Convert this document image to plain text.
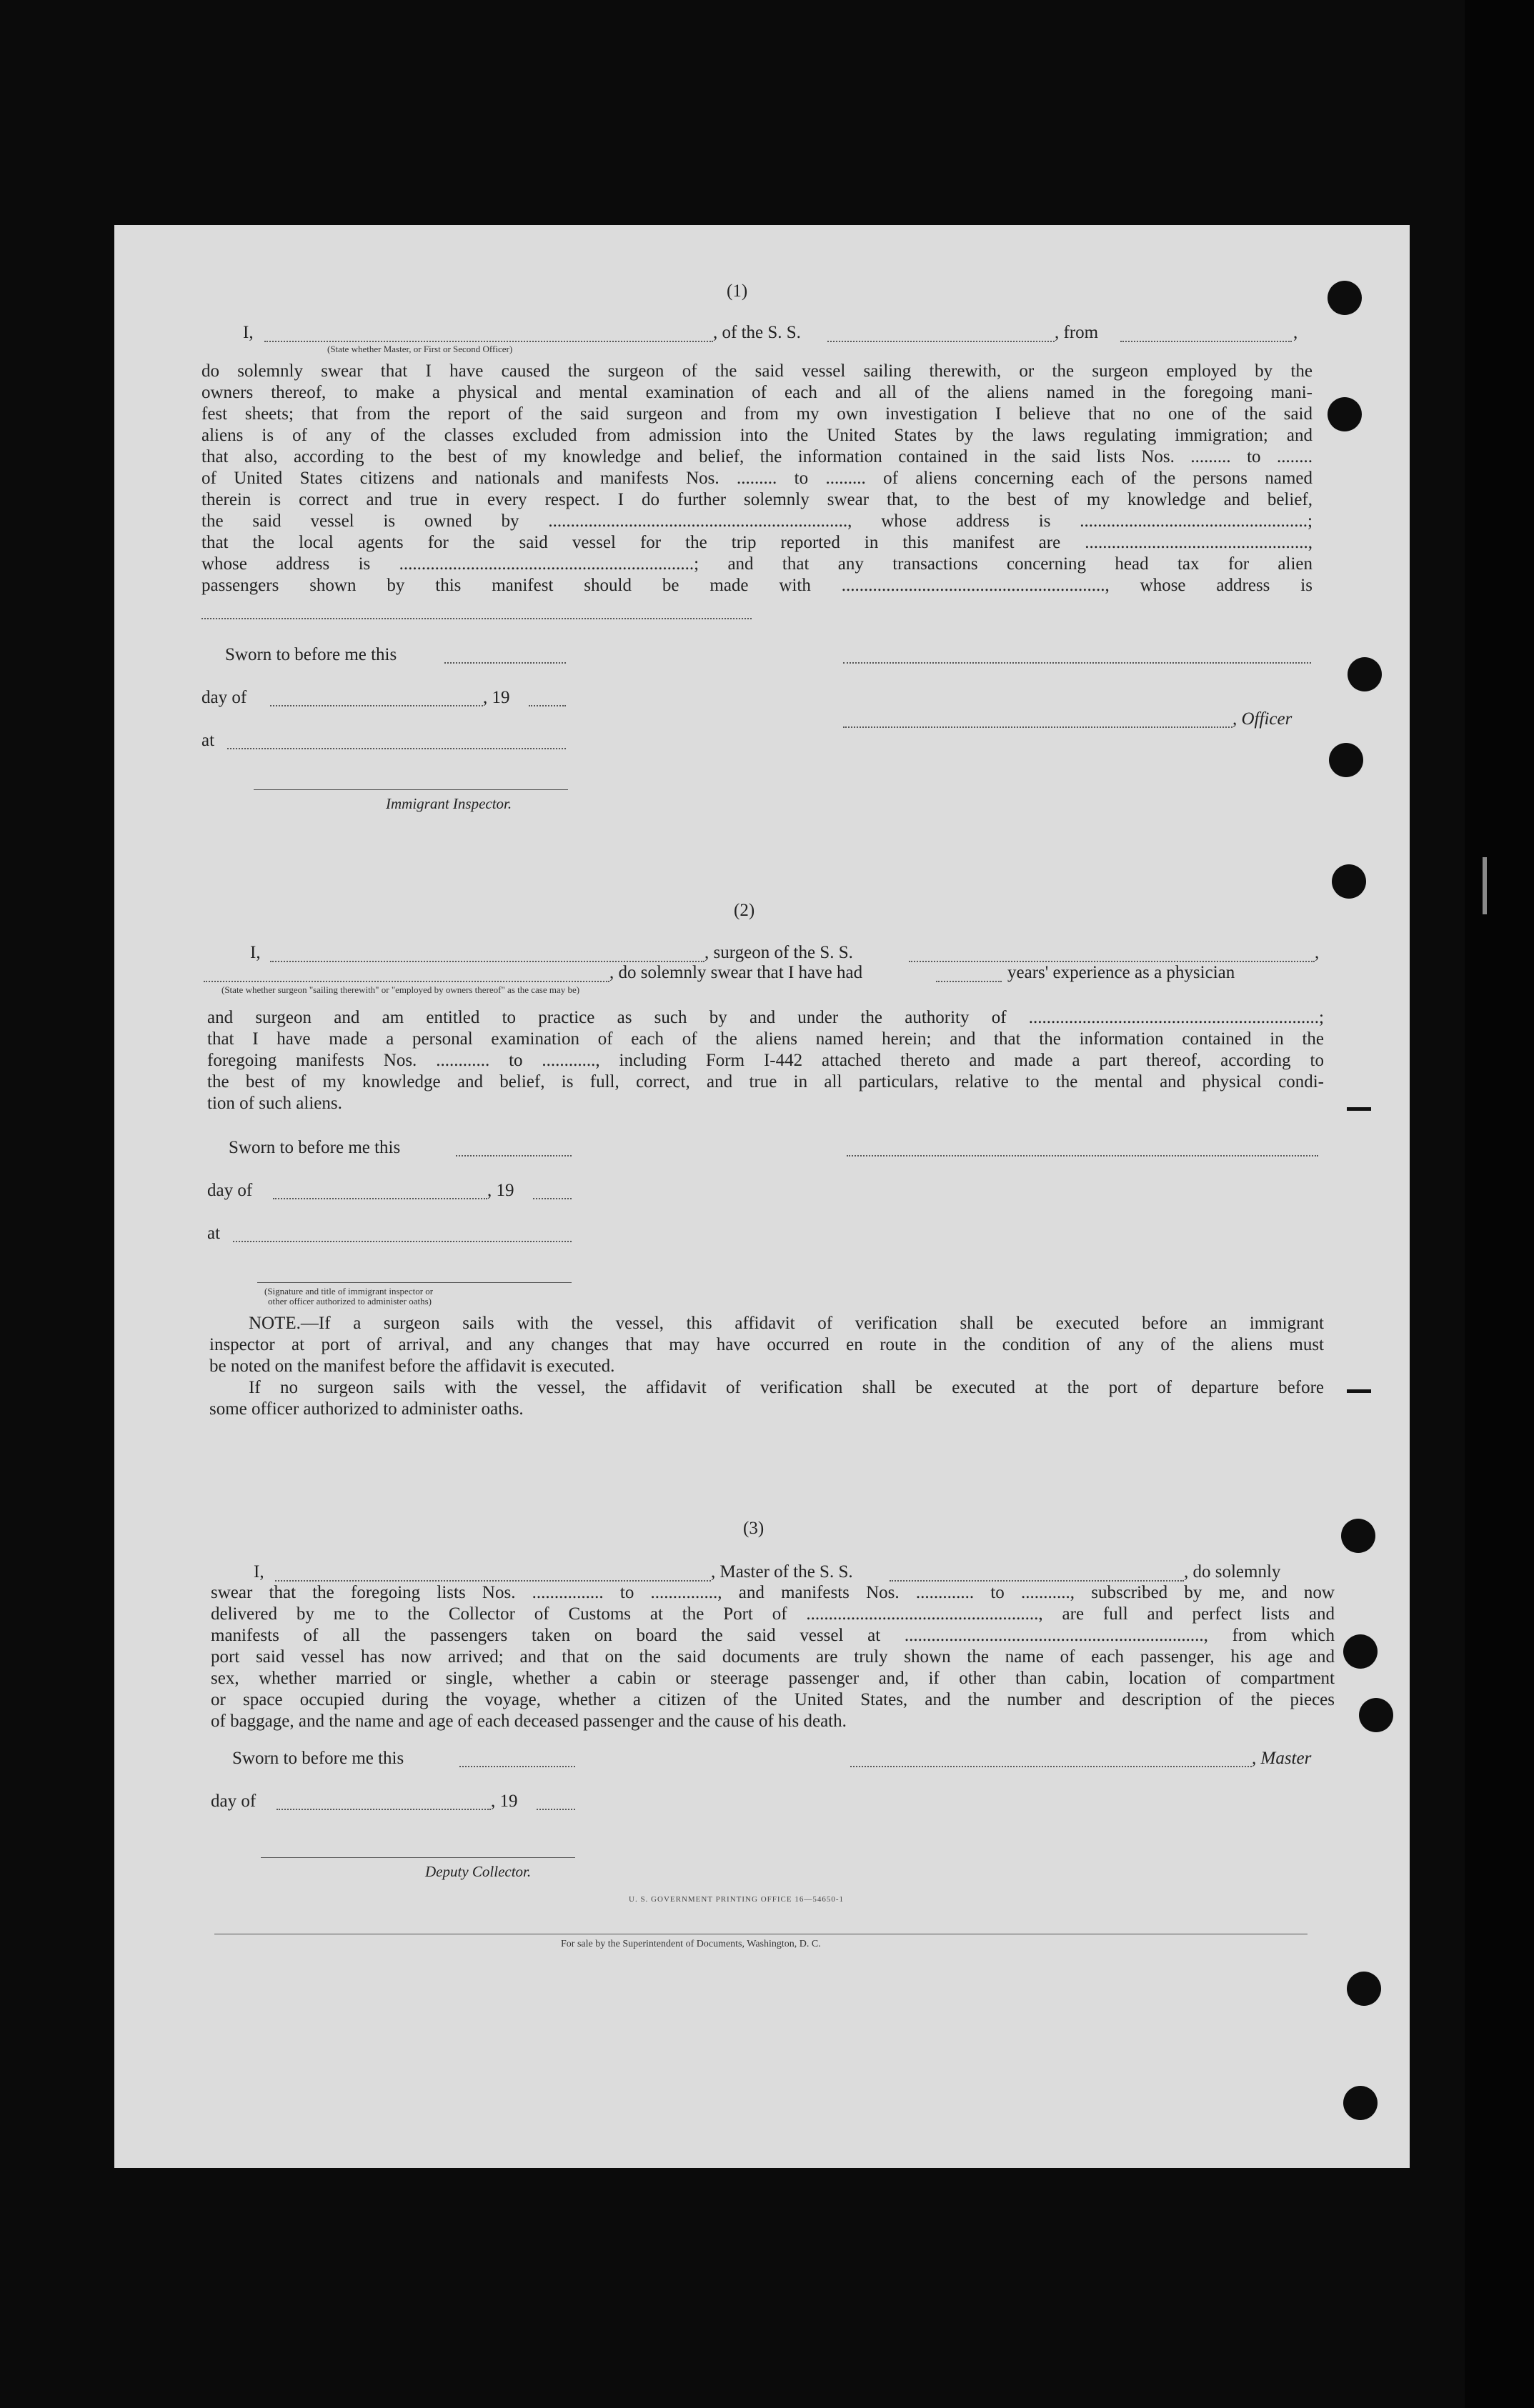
(1)
I,	, of the S. S.	, from	,
(State whether Master, or First or Second Officer)
do solemnly swear that I have caused the surgeon of the said vessel sailing therewith, or the surgeon employed by the
owners thereof, to make a physical and mental examination of each and all of the aliens named in the foregoing mani-
fest sheets; that from the report of the said surgeon and from my own investigation I believe that no one of the said
aliens is of any of the classes excluded from admission into the United States by the laws regulating immigration; and
that also, according to the best of my knowledge and belief, the information contained in the said lists Nos. ......... to ........
of United States citizens and nationals and manifests Nos. ......... to ......... of aliens concerning each of the persons named
therein is correct and true in every respect. I do further solemnly swear that, to the best of my knowledge and belief,
the said vessel is owned by ..................................................................., whose address is ...................................................;
that the local agents for the said vessel for the trip reported in this manifest are ..................................................,
whose address is ..................................................................; and that any transactions concerning head tax for alien
passengers shown by this manifest should be made with ..........................................................., whose address is
Sworn to before me this
day of	, 19
, Officer
at
Immigrant Inspector.
(2)
I,	, surgeon of the S. S.	,
, do solemnly swear that I have had	years' experience as a physician
(State whether surgeon "sailing therewith" or "employed by owners thereof" as the case may be)
and surgeon and am entitled to practice as such by and under the authority of .................................................................;
that I have made a personal examination of each of the aliens named herein; and that the information contained in the
foregoing manifests Nos. ............ to ............, including Form I-442 attached thereto and made a part thereof, according to
the best of my knowledge and belief, is full, correct, and true in all particulars, relative to the mental and physical condi-
tion of such aliens.
Sworn to before me this
day of	, 19
at
(Signature and title of immigrant inspector or
other officer authorized to administer oaths)
NOTE.—If a surgeon sails with the vessel, this affidavit of verification shall be executed before an immigrant
inspector at port of arrival, and any changes that may have occurred en route in the condition of any of the aliens must
be noted on the manifest before the affidavit is executed.
If no surgeon sails with the vessel, the affidavit of verification shall be executed at the port of departure before
some officer authorized to administer oaths.
(3)
I,	, Master of the S. S.	, do solemnly
swear that the foregoing lists Nos. ................ to ..............., and manifests Nos. ............. to ..........., subscribed by me, and now
delivered by me to the Collector of Customs at the Port of ...................................................., are full and perfect lists and
manifests of all the passengers taken on board the said vessel at ..................................................................., from which
port said vessel has now arrived; and that on the said documents are truly shown the name of each passenger, his age and
sex, whether married or single, whether a cabin or steerage passenger and, if other than cabin, location of compartment
or space occupied during the voyage, whether a citizen of the United States, and the number and description of the pieces
of baggage, and the name and age of each deceased passenger and the cause of his death.
Sworn to before me this	, Master
day of	, 19
Deputy Collector.
U. S. GOVERNMENT PRINTING OFFICE 16—54650-1
For sale by the Superintendent of Documents, Washington, D. C.
